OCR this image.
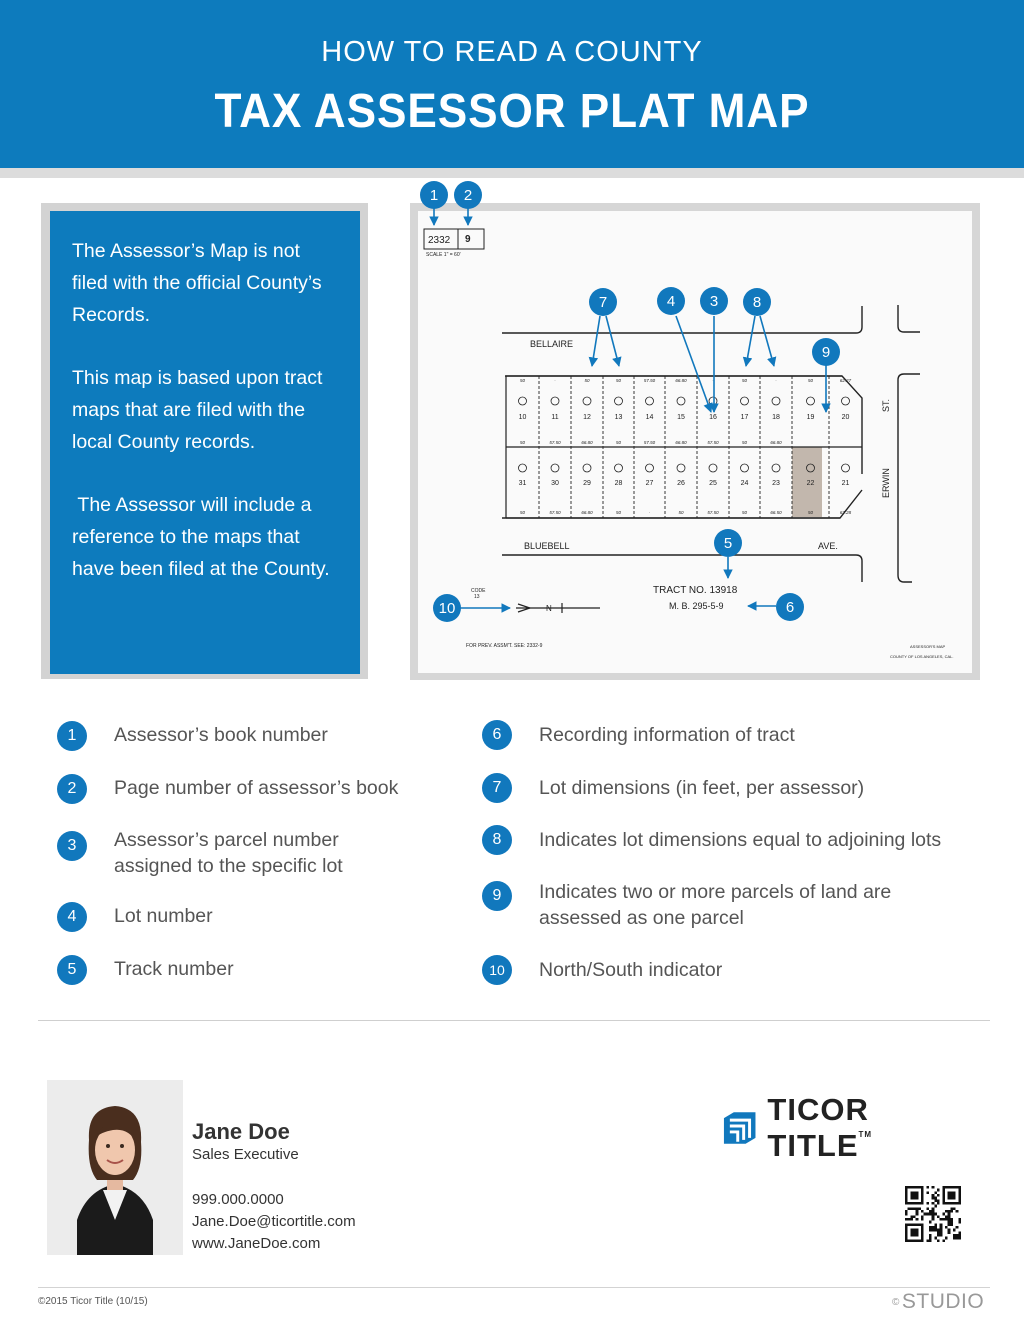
HOW TO READ A COUNTY
TAX ASSESSOR PLAT MAP

The Assessor’s Map is not filed with the official County’s Records.

This map is based upon tract maps that are filed with the local County records.

The Assessor will include a reference to the maps that have been filed at the County.

2332 9
SCALE 1" = 60'
BELLAIRE
BLUEBELL	AVE.
ERWIN
ST.
10
31
11
30
12
29
13
28
14
27
15
26
16
25
17
24
18
23
19
22
20
21
50	·	50	50	57.50	66.80	·	50	·	50	62.27
50	57.50	66.80	50	·	50	57.50	50	66.50	50	62.28
50	57.50	66.80	50	57.50	66.80	57.50	50	66.80
TRACT NO. 13918
M. B. 295-5-9
CODE
13
N
FOR PREV. ASSM'T. SEE: 2332-9	ASSESSOR'S MAP
COUNTY OF LOS ANGELES, CAL.
1 2
7	4 3 8
9
5
6
10
1	Assessor’s book number
2	Page number of assessor’s book
3	Assessor’s parcel number assigned to the specific lot
4	Lot number
5	Track number
6	Recording information of tract
7	Lot dimensions (in feet, per assessor)
8	Indicates lot dimensions equal to adjoining lots
9	Indicates two or more parcels of land are assessed as one parcel
10	North/South indicator
Jane Doe
Sales Executive
999.000.0000
Jane.Doe@ticortitle.com
www.JaneDoe.com
TICOR TITLE™
©2015 Ticor Title (10/15)	©STUDIO
